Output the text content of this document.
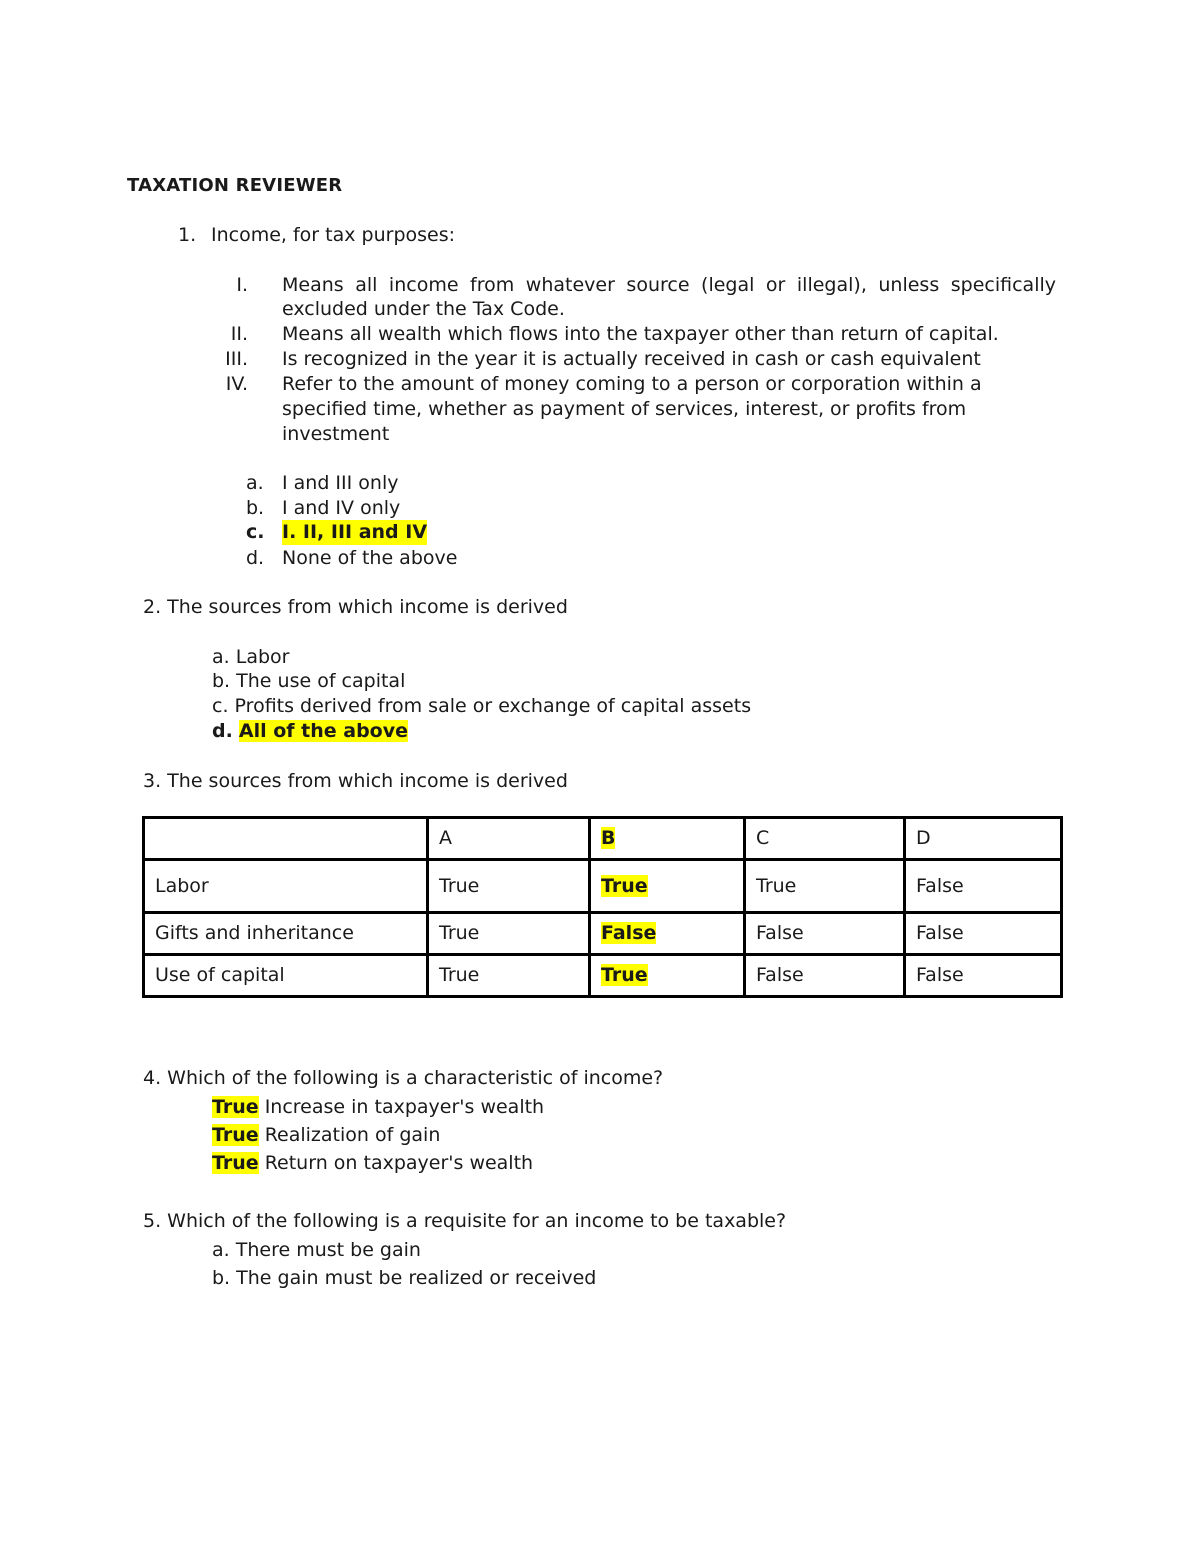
TAXATION REVIEWER
1. Income, for tax purposes:
I. Means all income from whatever source (legal or illegal), unless specifically
excluded under the Tax Code.
II. Means all wealth which flows into the taxpayer other than return of capital.
III. Is recognized in the year it is actually received in cash or cash equivalent
IV. Refer to the amount of money coming to a person or corporation within a
specified time, whether as payment of services, interest, or profits from
investment
a. I and III only
b. I and IV only
c. I. II, III and IV
d. None of the above
2. The sources from which income is derived
a. Labor
b. The use of capital
c. Profits derived from sale or exchange of capital assets
d. All of the above
3. The sources from which income is derived
	A	B	C	D
Labor	True	True	True	False
Gifts and inheritance	True	False	False	False
Use of capital	True	True	False	False
4. Which of the following is a characteristic of income?
True Increase in taxpayer's wealth
True Realization of gain
True Return on taxpayer's wealth
5. Which of the following is a requisite for an income to be taxable?
a. There must be gain
b. The gain must be realized or received
